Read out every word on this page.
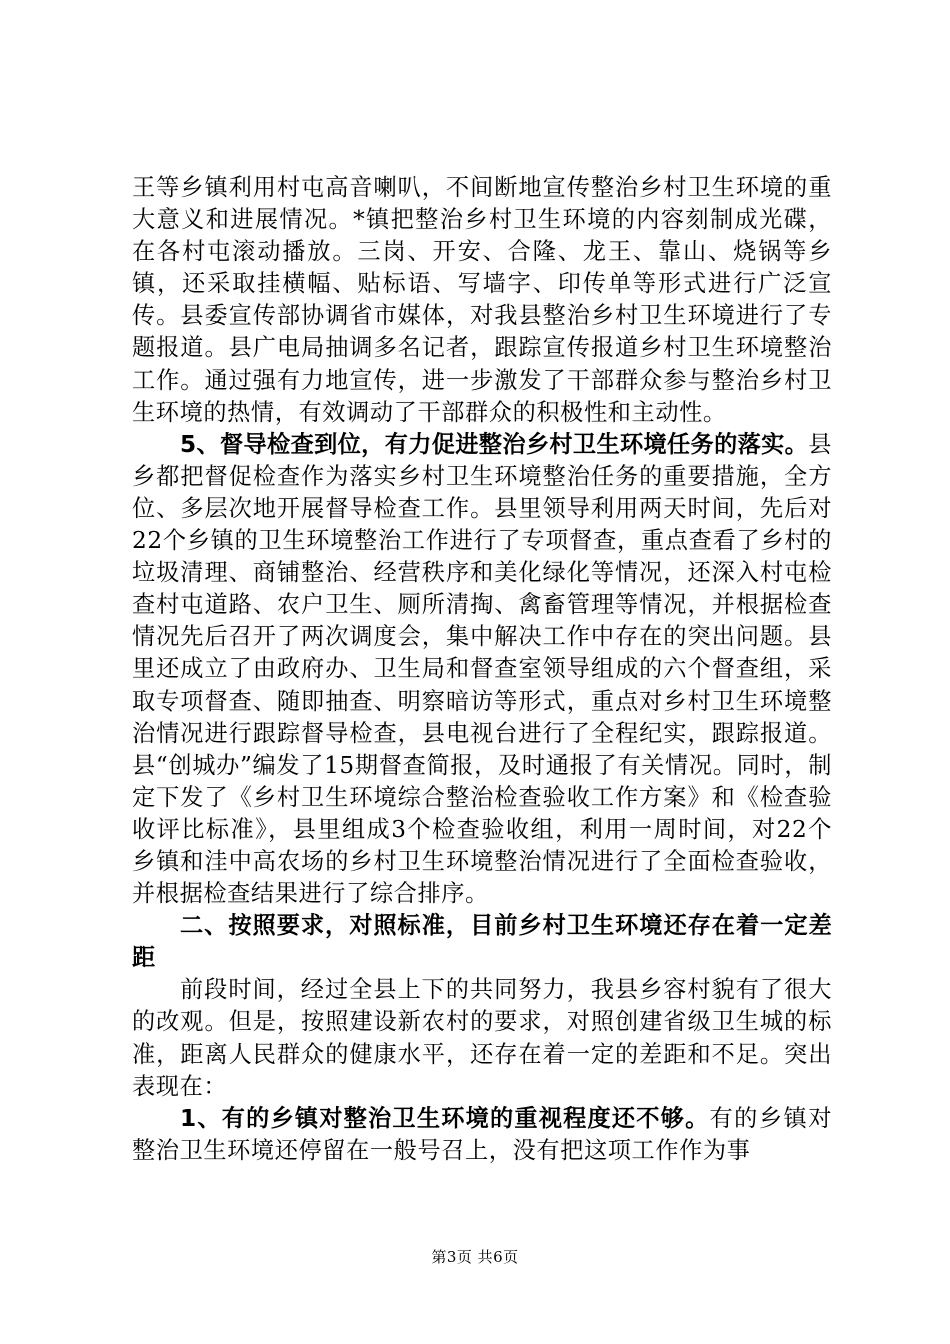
王等乡镇利用村屯高音喇叭，不间断地宣传整治乡村卫生环境的重大意义和进展情况。*镇把整治乡村卫生环境的内容刻制成光碟，在各村屯滚动播放。三岗、开安、合隆、龙王、靠山、烧锅等乡镇，还采取挂横幅、贴标语、写墙字、印传单等形式进行广泛宣传。县委宣传部协调省市媒体，对我县整治乡村卫生环境进行了专题报道。县广电局抽调多名记者，跟踪宣传报道乡村卫生环境整治工作。通过强有力地宣传，进一步激发了干部群众参与整治乡村卫生环境的热情，有效调动了干部群众的积极性和主动性。

5、督导检查到位，有力促进整治乡村卫生环境任务的落实。县乡都把督促检查作为落实乡村卫生环境整治任务的重要措施，全方位、多层次地开展督导检查工作。县里领导利用两天时间，先后对22个乡镇的卫生环境整治工作进行了专项督查，重点查看了乡村的垃圾清理、商铺整治、经营秩序和美化绿化等情况，还深入村屯检查村屯道路、农户卫生、厕所清掏、禽畜管理等情况，并根据检查情况先后召开了两次调度会，集中解决工作中存在的突出问题。县里还成立了由政府办、卫生局和督查室领导组成的六个督查组，采取专项督查、随即抽查、明察暗访等形式，重点对乡村卫生环境整治情况进行跟踪督导检查，县电视台进行了全程纪实，跟踪报道。县“创城办”编发了15期督查简报，及时通报了有关情况。同时，制定下发了《乡村卫生环境综合整治检查验收工作方案》和《检查验收评比标准》，县里组成3个检查验收组，利用一周时间，对22个乡镇和洼中高农场的乡村卫生环境整治情况进行了全面检查验收，并根据检查结果进行了综合排序。

二、按照要求，对照标准，目前乡村卫生环境还存在着一定差距

前段时间，经过全县上下的共同努力，我县乡容村貌有了很大的改观。但是，按照建设新农村的要求，对照创建省级卫生城的标准，距离人民群众的健康水平，还存在着一定的差距和不足。突出表现在：

1、有的乡镇对整治卫生环境的重视程度还不够。有的乡镇对整治卫生环境还停留在一般号召上，没有把这项工作作为事

第3页 共6页
